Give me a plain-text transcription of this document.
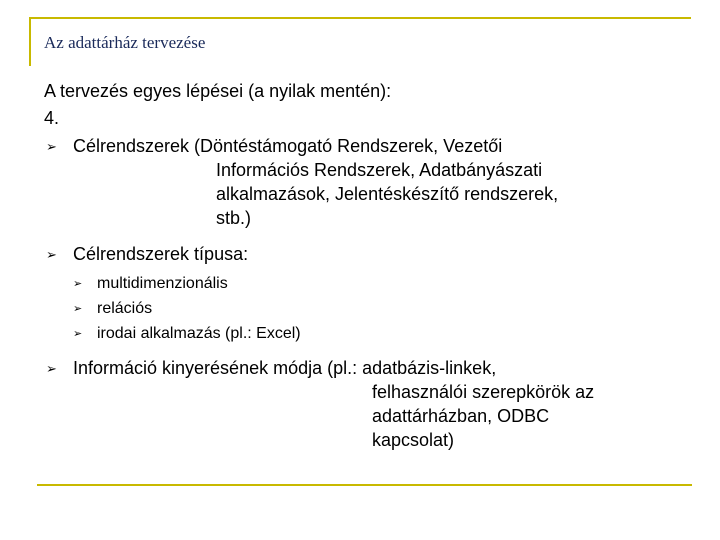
Az adattárház tervezése
A tervezés egyes lépései (a nyilak mentén):
4.
➢ Célrendszerek (Döntéstámogató Rendszerek, Vezetői
Információs Rendszerek, Adatbányászati
alkalmazások, Jelentéskészítő rendszerek,
stb.)
➢ Célrendszerek típusa:
➢ multidimenzionális
➢ relációs
➢ irodai alkalmazás (pl.: Excel)
➢ Információ kinyerésének módja (pl.: adatbázis-linkek,
felhasználói szerepkörök az
adattárházban, ODBC
kapcsolat)
